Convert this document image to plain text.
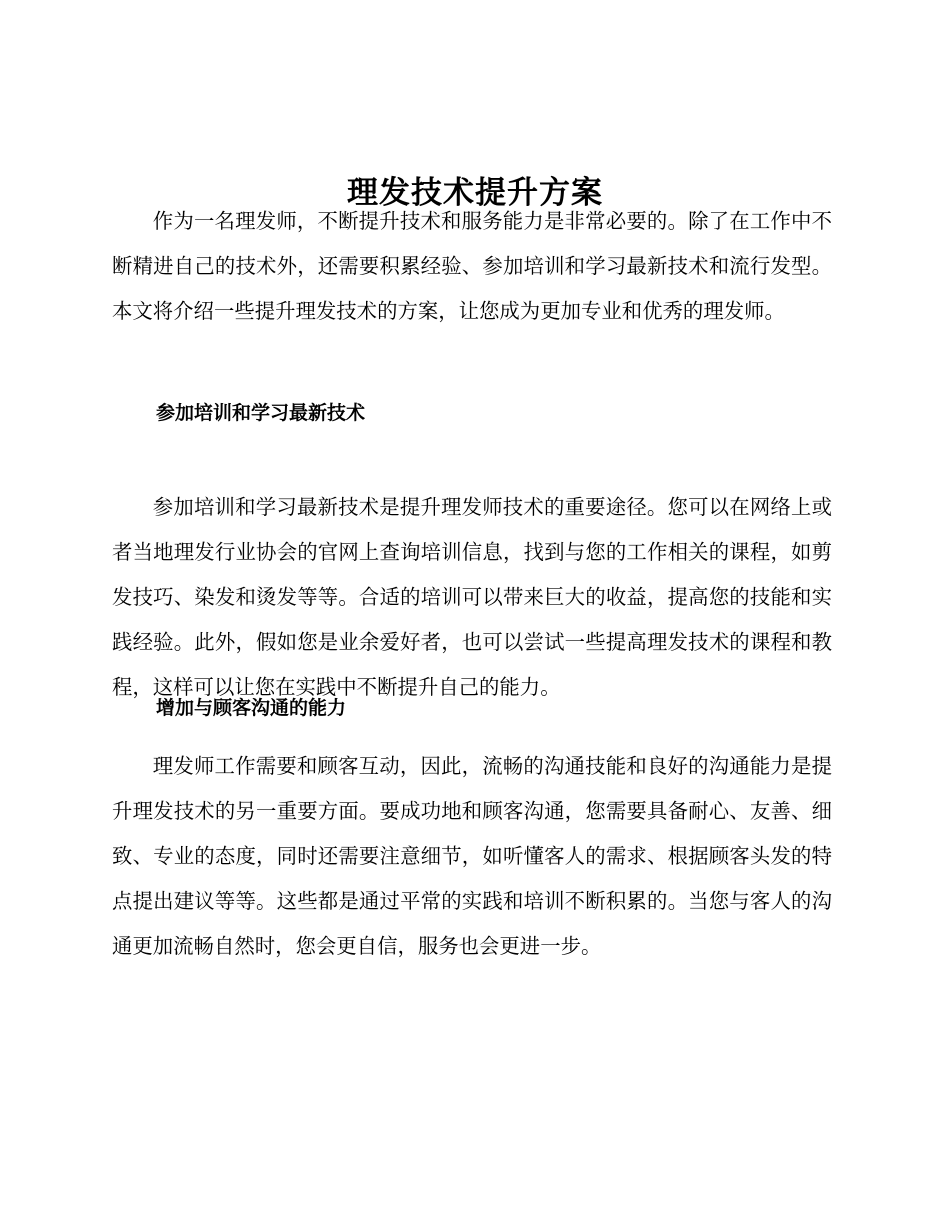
理发技术提升方案

作为一名理发师，不断提升技术和服务能力是非常必要的。除了在工作中不断精进自己的技术外，还需要积累经验、参加培训和学习最新技术和流行发型。本文将介绍一些提升理发技术的方案，让您成为更加专业和优秀的理发师。

参加培训和学习最新技术

参加培训和学习最新技术是提升理发师技术的重要途径。您可以在网络上或者当地理发行业协会的官网上查询培训信息，找到与您的工作相关的课程，如剪发技巧、染发和烫发等等。合适的培训可以带来巨大的收益，提高您的技能和实践经验。此外，假如您是业余爱好者，也可以尝试一些提高理发技术的课程和教程，这样可以让您在实践中不断提升自己的能力。

增加与顾客沟通的能力

理发师工作需要和顾客互动，因此，流畅的沟通技能和良好的沟通能力是提升理发技术的另一重要方面。要成功地和顾客沟通，您需要具备耐心、友善、细致、专业的态度，同时还需要注意细节，如听懂客人的需求、根据顾客头发的特点提出建议等等。这些都是通过平常的实践和培训不断积累的。当您与客人的沟通更加流畅自然时，您会更自信，服务也会更进一步。
